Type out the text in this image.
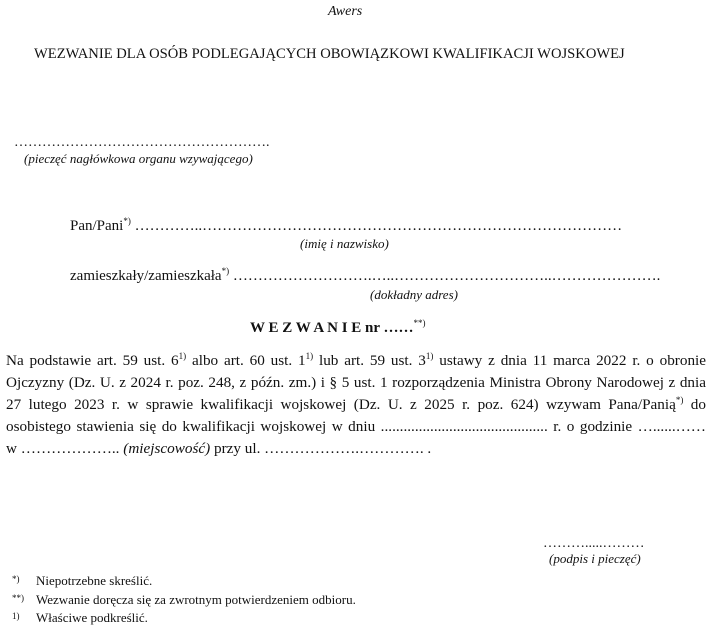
Awers
WEZWANIE DLA OSÓB PODLEGAJĄCYCH OBOWIĄZKOWI KWALIFIKACJI WOJSKOWEJ
……………………………………………….
(pieczęć nagłówkowa organu wzywającego)
Pan/Pani*) …………..…………………………………………………………………………
(imię i nazwisko)
zamieszkały/zamieszkała*) ……………………….…..…………………………..………………….
(dokładny adres)
W E Z W A N I E nr ……**)
Na podstawie art. 59 ust. 6$^{1)}$ albo art. 60 ust. 1$^{1)}$ lub art. 59 ust. 3$^{1)}$ ustawy z dnia 11 marca 2022 r. o obronie
Ojczyzny (Dz. U. z 2024 r. poz. 248, z późn. zm.) i § 5 ust. 1 rozporządzenia Ministra Obrony Narodowej z dnia
27 lutego 2023 r. w sprawie kwalifikacji wojskowej (Dz. U. z 2025 r. poz. 624) wzywam Pana/Panią*) do
osobistego stawienia się do kwalifikacji wojskowej w dniu ............................................ r. o godzinie …......……
w ……………….. (miejscowość) przy ul. ……………….…………. .
……….....………
(podpis i pieczęć)
*) Niepotrzebne skreślić.
**) Wezwanie doręcza się za zwrotnym potwierdzeniem odbioru.
1) Właściwe podkreślić.
